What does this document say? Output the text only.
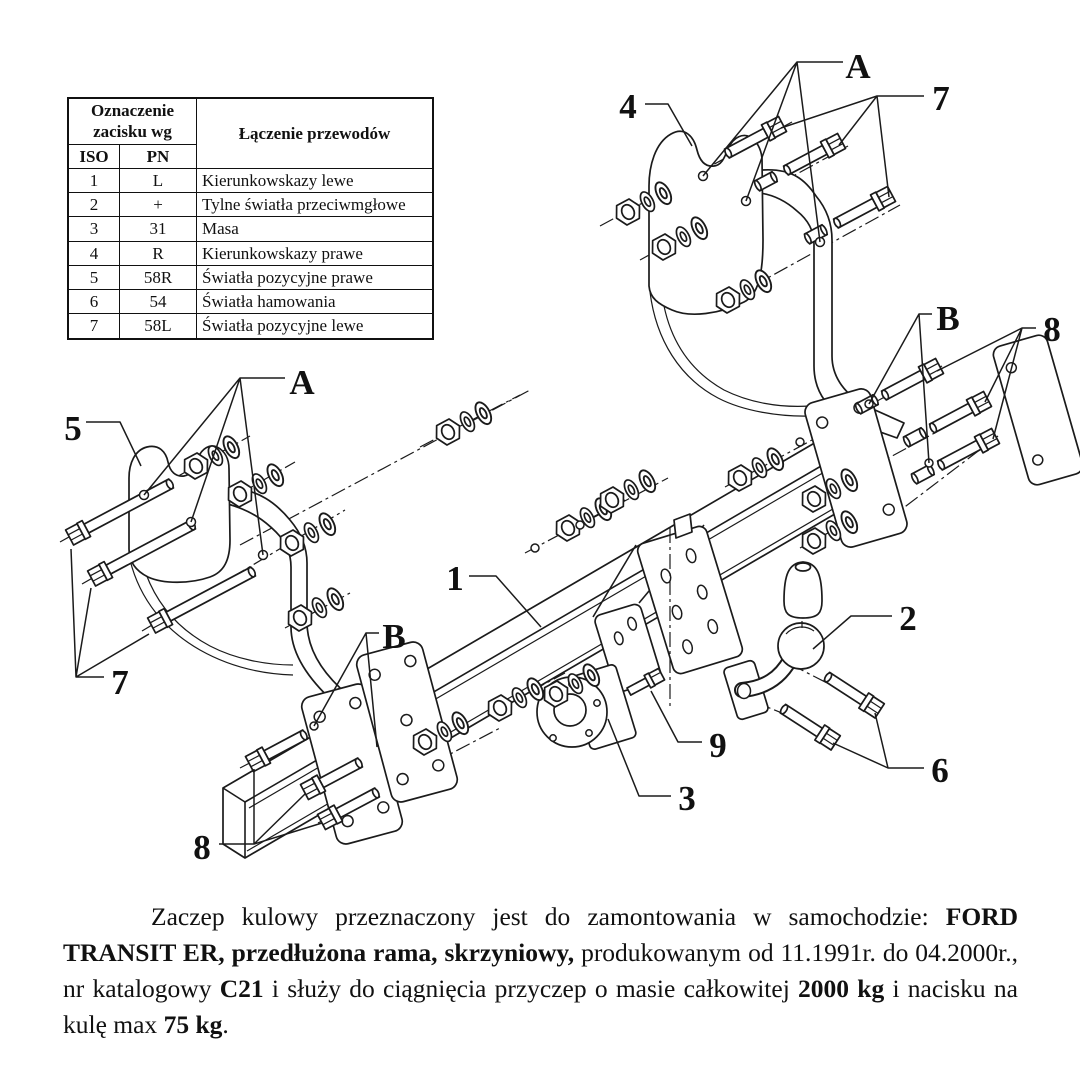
4
A
7
B 8
A
5
1
B	2
7
9
3
6
8
Oznaczenie zacisku wg		Łączenie przewodów
ISO	PN	
1	L	Kierunkowskazy lewe
2	+	Tylne światła przeciwmgłowe
3	31	Masa
4	R	Kierunkowskazy prawe
5	58R	Światła pozycyjne prawe
6	54	Światła hamowania
7	58L	Światła pozycyjne lewe

Zaczep kulowy przeznaczony jest do zamontowania w samochodzie: FORD TRANSIT ER, przedłużona rama, skrzyniowy, produkowanym od 11.1991r. do 04.2000r., nr katalogowy C21 i służy do ciągnięcia przyczep o masie całkowitej 2000 kg i nacisku na kulę max 75 kg.
